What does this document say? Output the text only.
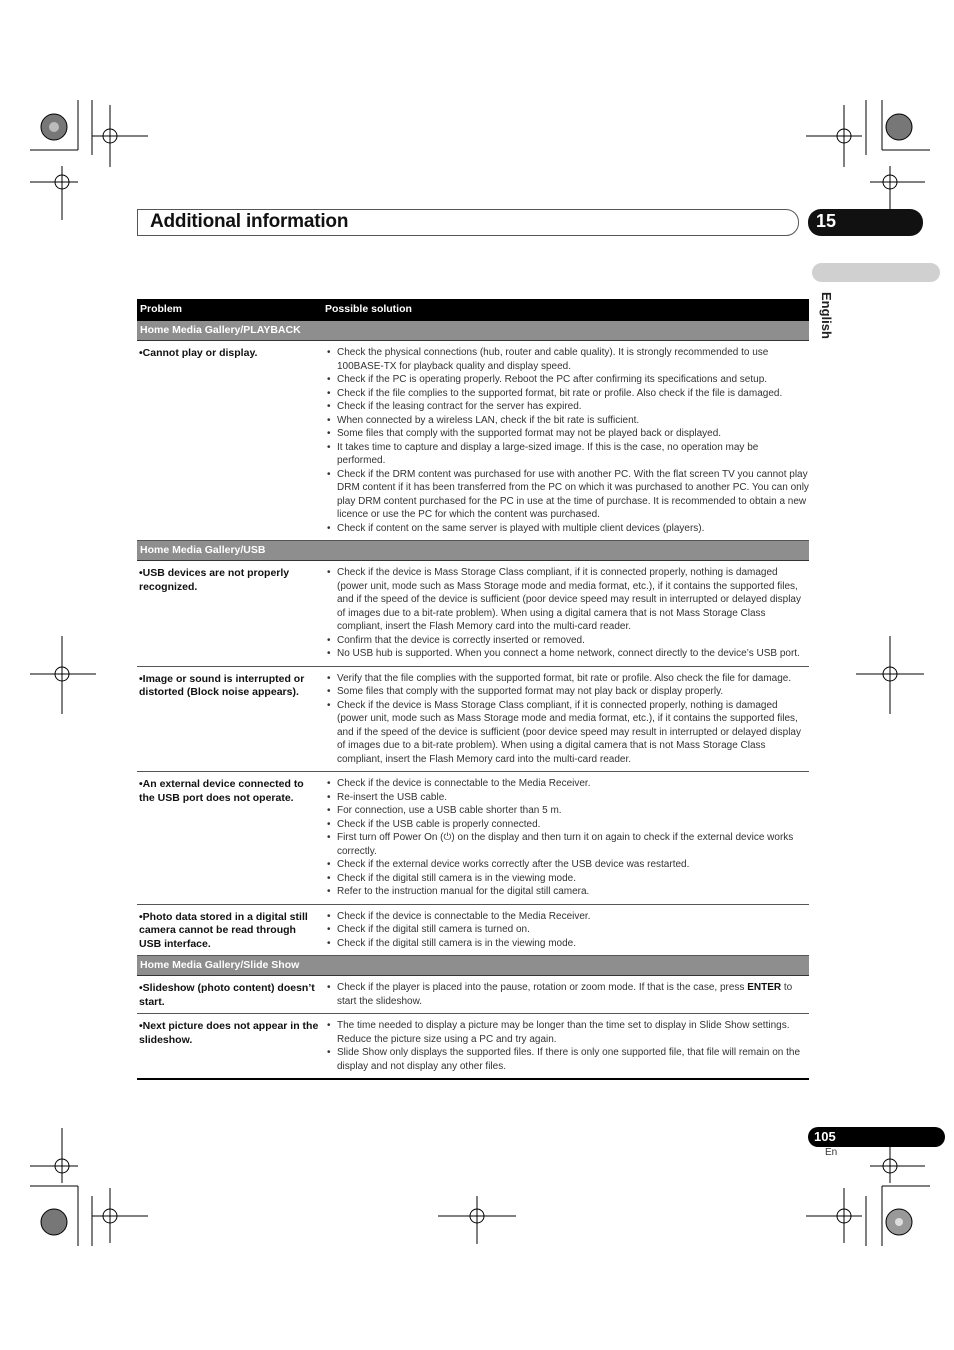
Additional information	15
English
Problem	Possible solution
Home Media Gallery/PLAYBACK
•Cannot play or display.
•	Check the physical connections (hub, router and cable quality). It is strongly recommended to use 100BASE-TX for playback quality and display speed.
• Check if the PC is operating properly. Reboot the PC after confirming its specifications and setup.
• Check if the file complies to the supported format, bit rate or profile. Also check if the file is damaged.
• Check if the leasing contract for the server has expired.
• When connected by a wireless LAN, check if the bit rate is sufficient.
• Some files that comply with the supported format may not be played back or displayed.
• It takes time to capture and display a large-sized image. If this is the case, no operation may be performed.
• Check if the DRM content was purchased for use with another PC. With the flat screen TV you cannot play DRM content if it has been transferred from the PC on which it was purchased to another PC. You can only play DRM content purchased for the PC in use at the time of purchase. It is recommended to obtain a new licence or use the PC for which the content was purchased.
• Check if content on the same server is played with multiple client devices (players).
Home Media Gallery/USB
•USB devices are not properly recognized.
• Check if the device is Mass Storage Class compliant, if it is connected properly, nothing is damaged (power unit, mode such as Mass Storage mode and media format, etc.), if it contains the supported files, and if the speed of the device is sufficient (poor device speed may result in interrupted or delayed display of images due to a bit-rate problem). When using a digital camera that is not Mass Storage Class compliant, insert the Flash Memory card into the multi-card reader.
• Confirm that the device is correctly inserted or removed.
• No USB hub is supported. When you connect a home network, connect directly to the device’s USB port.
•Image or sound is interrupted or distorted (Block noise appears).
• Verify that the file complies with the supported format, bit rate or profile. Also check the file for damage.
• Some files that comply with the supported format may not play back or display properly.
• Check if the device is Mass Storage Class compliant, if it is connected properly, nothing is damaged (power unit, mode such as Mass Storage mode and media format, etc.), if it contains the supported files, and if the speed of the device is sufficient (poor device speed may result in interrupted or delayed display of images due to a bit-rate problem). When using a digital camera that is not Mass Storage Class compliant, insert the Flash Memory card into the multi-card reader.
•An external device connected to the USB port does not operate.
• Check if the device is connectable to the Media Receiver.
• Re-insert the USB cable.
• For connection, use a USB cable shorter than 5 m.
• Check if the USB cable is properly connected.
• First turn off Power On (⏻) on the display and then turn it on again to check if the external device works correctly.
• Check if the external device works correctly after the USB device was restarted.
• Check if the digital still camera is in the viewing mode.
• Refer to the instruction manual for the digital still camera.
•Photo data stored in a digital still camera cannot be read through USB interface.
• Check if the device is connectable to the Media Receiver.
• Check if the digital still camera is turned on.
• Check if the digital still camera is in the viewing mode.
Home Media Gallery/Slide Show
•Slideshow (photo content) doesn’t start.
• Check if the player is placed into the pause, rotation or zoom mode. If that is the case, press ENTER to start the slideshow.
•Next picture does not appear in the slideshow.
• The time needed to display a picture may be longer than the time set to display in Slide Show settings.
Reduce the picture size using a PC and try again.
• Slide Show only displays the supported files. If there is only one supported file, that file will remain on the display and not display any other files.
105
En
